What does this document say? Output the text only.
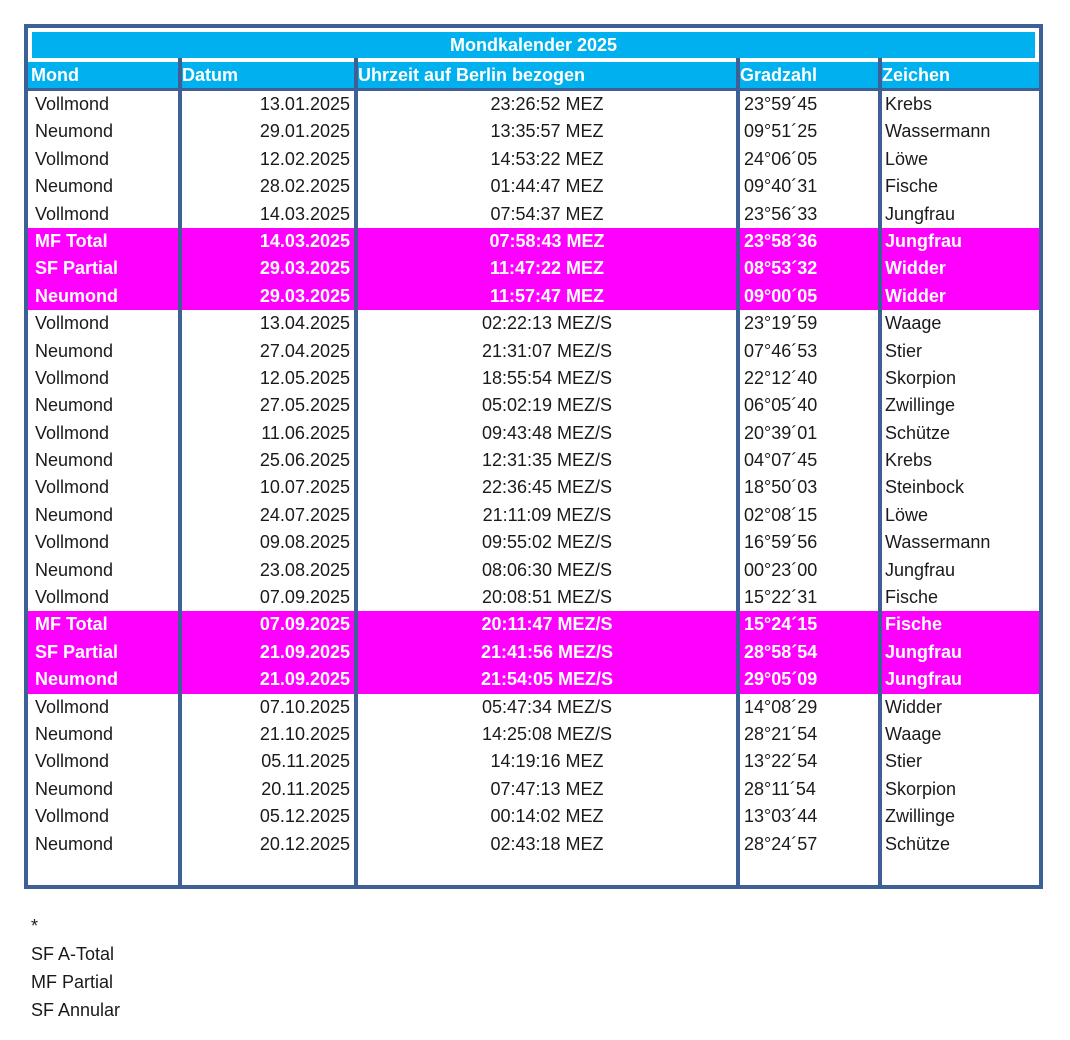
Mondkalender 2025
Mond	Datum	Uhrzeit auf Berlin bezogen	Gradzahl	Zeichen
Vollmond	13.01.2025	23:26:52 MEZ	23°59´45	Krebs
Neumond	29.01.2025	13:35:57 MEZ	09°51´25	Wassermann
Vollmond	12.02.2025	14:53:22 MEZ	24°06´05	Löwe
Neumond	28.02.2025	01:44:47 MEZ	09°40´31	Fische
Vollmond	14.03.2025	07:54:37 MEZ	23°56´33	Jungfrau
MF Total	14.03.2025	07:58:43 MEZ	23°58´36	Jungfrau
SF Partial	29.03.2025	11:47:22 MEZ	08°53´32	Widder
Neumond	29.03.2025	11:57:47 MEZ	09°00´05	Widder
Vollmond	13.04.2025	02:22:13 MEZ/S	23°19´59	Waage
Neumond	27.04.2025	21:31:07 MEZ/S	07°46´53	Stier
Vollmond	12.05.2025	18:55:54 MEZ/S	22°12´40	Skorpion
Neumond	27.05.2025	05:02:19 MEZ/S	06°05´40	Zwillinge
Vollmond	11.06.2025	09:43:48 MEZ/S	20°39´01	Schütze
Neumond	25.06.2025	12:31:35 MEZ/S	04°07´45	Krebs
Vollmond	10.07.2025	22:36:45 MEZ/S	18°50´03	Steinbock
Neumond	24.07.2025	21:11:09 MEZ/S	02°08´15	Löwe
Vollmond	09.08.2025	09:55:02 MEZ/S	16°59´56	Wassermann
Neumond	23.08.2025	08:06:30 MEZ/S	00°23´00	Jungfrau
Vollmond	07.09.2025	20:08:51 MEZ/S	15°22´31	Fische
MF Total	07.09.2025	20:11:47 MEZ/S	15°24´15	Fische
SF Partial	21.09.2025	21:41:56 MEZ/S	28°58´54	Jungfrau
Neumond	21.09.2025	21:54:05 MEZ/S	29°05´09	Jungfrau
Vollmond	07.10.2025	05:47:34 MEZ/S	14°08´29	Widder
Neumond	21.10.2025	14:25:08 MEZ/S	28°21´54	Waage
Vollmond	05.11.2025	14:19:16 MEZ	13°22´54	Stier
Neumond	20.11.2025	07:47:13 MEZ	28°11´54	Skorpion
Vollmond	05.12.2025	00:14:02 MEZ	13°03´44	Zwillinge
Neumond	20.12.2025	02:43:18 MEZ	28°24´57	Schütze
*
SF A-Total
MF Partial
SF Annular
